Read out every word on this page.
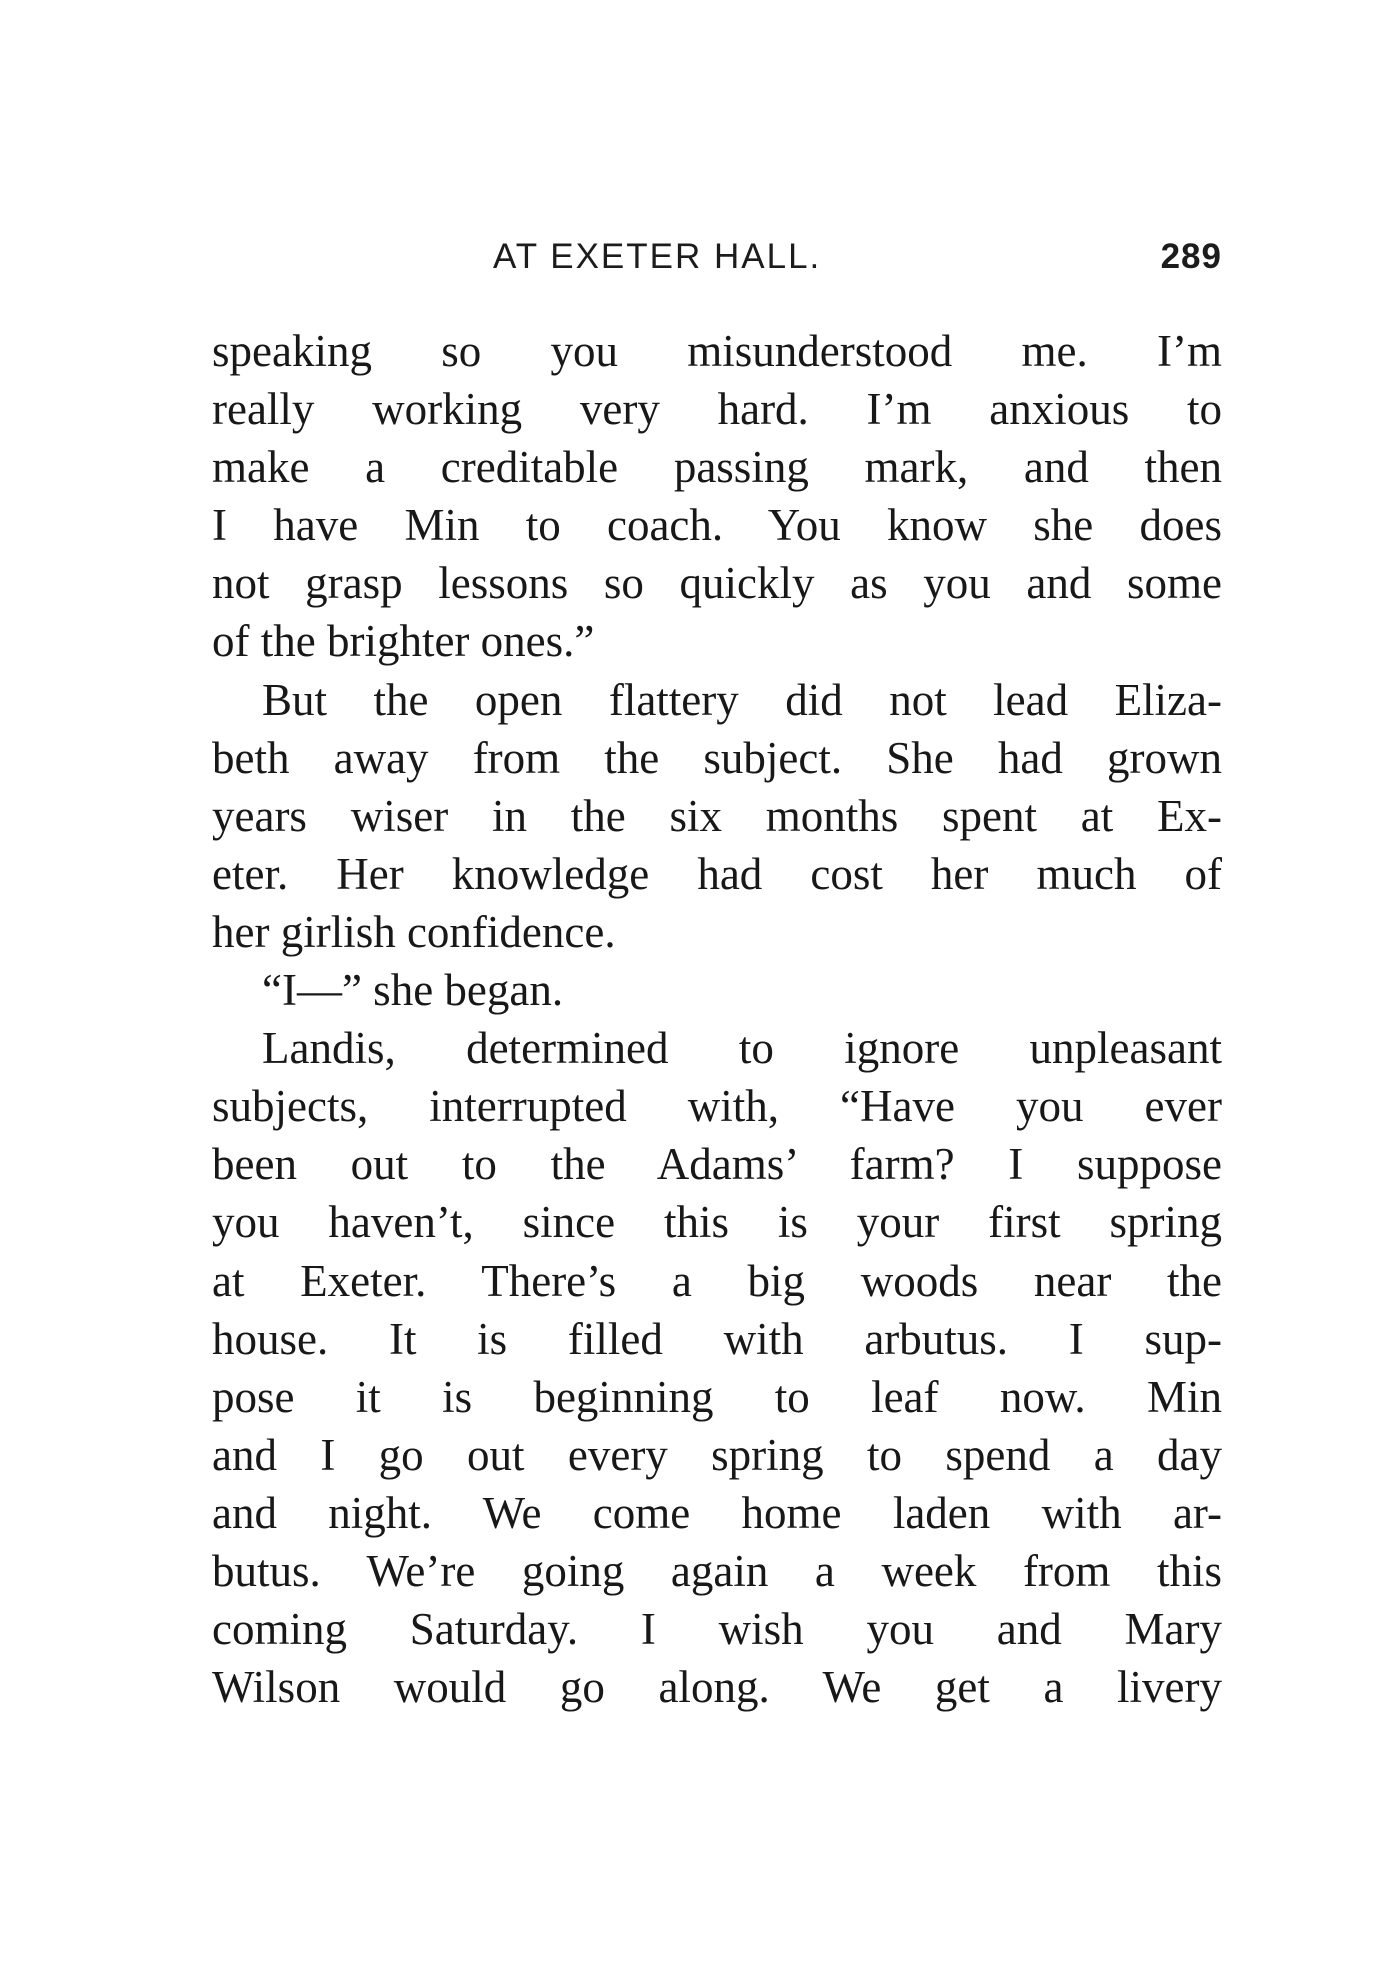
AT EXETER HALL.	289

speaking so you misunderstood me. I’m
really working very hard. I’m anxious to
make a creditable passing mark, and then
I have Min to coach. You know she does
not grasp lessons so quickly as you and some
of the brighter ones.”

But the open flattery did not lead Eliza-
beth away from the subject. She had grown
years wiser in the six months spent at Ex-
eter. Her knowledge had cost her much of
her girlish confidence.

“I—” she began.

Landis, determined to ignore unpleasant
subjects, interrupted with, “Have you ever
been out to the Adams’ farm? I suppose
you haven’t, since this is your first spring
at Exeter. There’s a big woods near the
house. It is filled with arbutus. I sup-
pose it is beginning to leaf now. Min
and I go out every spring to spend a day
and night. We come home laden with ar-
butus. We’re going again a week from this
coming Saturday. I wish you and Mary
Wilson would go along. We get a livery
